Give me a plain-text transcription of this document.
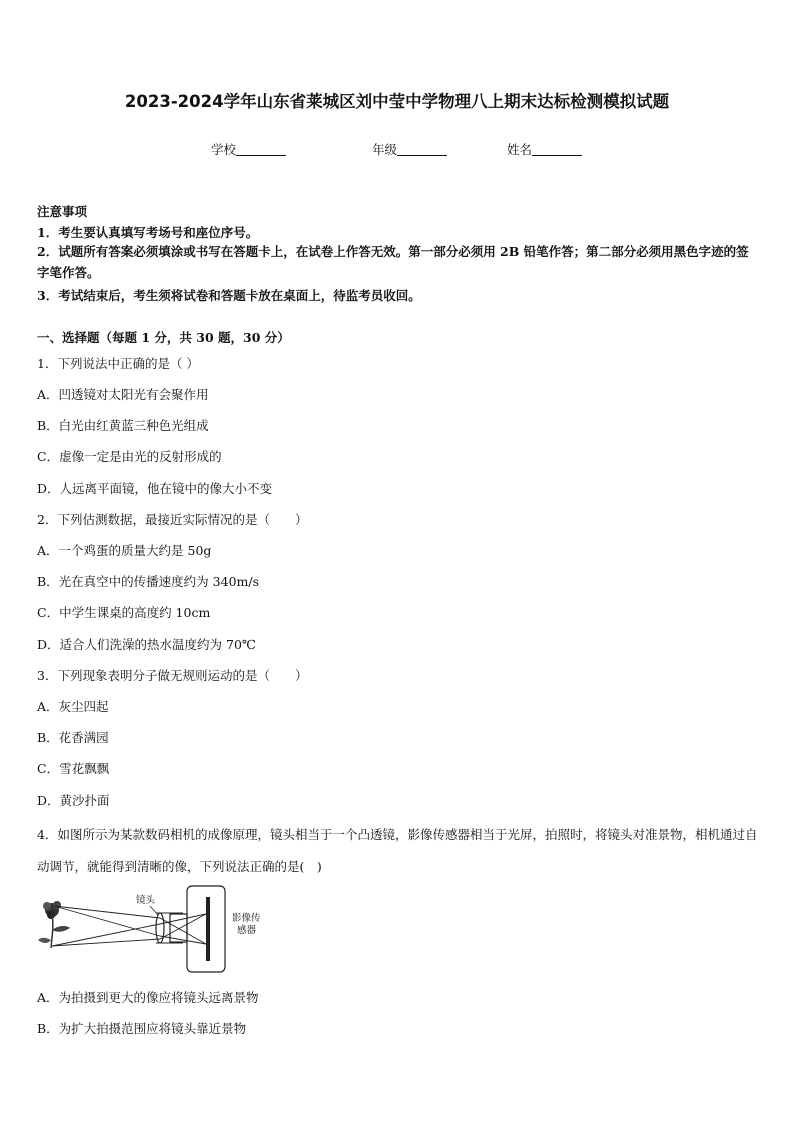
2023-2024学年山东省莱城区刘中莹中学物理八上期末达标检测模拟试题
学校	年级	姓名
注意事项
1．考生要认真填写考场号和座位序号。
2．试题所有答案必须填涂或书写在答题卡上，在试卷上作答无效。第一部分必须用 2B 铅笔作答；第二部分必须用黑色字迹的签字笔作答。
3．考试结束后，考生须将试卷和答题卡放在桌面上，待监考员收回。
一、选择题（每题 1 分，共 30 题，30 分）
1．下列说法中正确的是（ ）
A．凹透镜对太阳光有会聚作用
B．白光由红黄蓝三种色光组成
C．虚像一定是由光的反射形成的
D．人远离平面镜，他在镜中的像大小不变
2．下列估测数据，最接近实际情况的是（　　）
A．一个鸡蛋的质量大约是 50g
B．光在真空中的传播速度约为 340m/s
C．中学生课桌的高度约 10cm
D．适合人们洗澡的热水温度约为 70℃
3．下列现象表明分子做无规则运动的是（　　）
A．灰尘四起
B．花香满园
C．雪花飘飘
D．黄沙扑面
4．如图所示为某款数码相机的成像原理，镜头相当于一个凸透镜，影像传感器相当于光屏，拍照时，将镜头对准景物，相机通过自动调节，就能得到清晰的像，下列说法正确的是(　)
镜头
影像传
感器
A．为拍摄到更大的像应将镜头远离景物
B．为扩大拍摄范围应将镜头靠近景物
